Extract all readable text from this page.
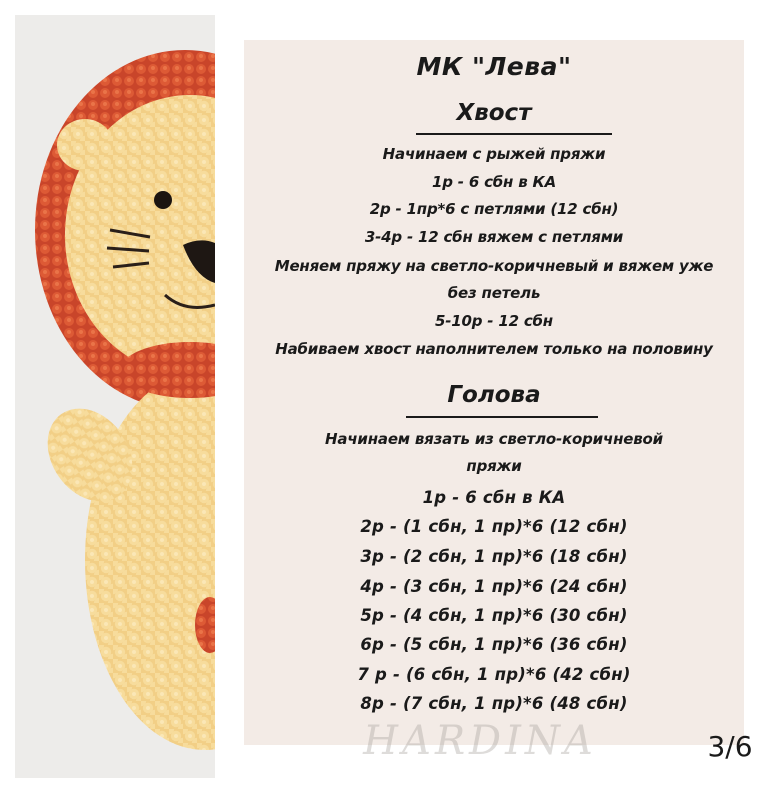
МК "Лева"
Хвост
Начинаем с рыжей пряжи
1р - 6 сбн в КА
2р - 1пр*6 с петлями (12 сбн)
3-4р - 12 сбн вяжем с петлями
Меняем пряжу на светло-коричневый и вяжем уже
без петель
5-10р - 12 сбн
Набиваем хвост наполнителем только на половину
Голова
Начинаем вязать из светло-коричневой
пряжи
1р - 6 сбн в КА
2р - (1 сбн, 1 пр)*6 (12 сбн)
3р - (2 сбн, 1 пр)*6 (18 сбн)
4р - (3 сбн, 1 пр)*6 (24 сбн)
5р - (4 сбн, 1 пр)*6 (30 сбн)
6р - (5 сбн, 1 пр)*6 (36 сбн)
7 р - (6 сбн, 1 пр)*6 (42 сбн)
8р - (7 сбн, 1 пр)*6 (48 сбн)
HARDINA	3/6
